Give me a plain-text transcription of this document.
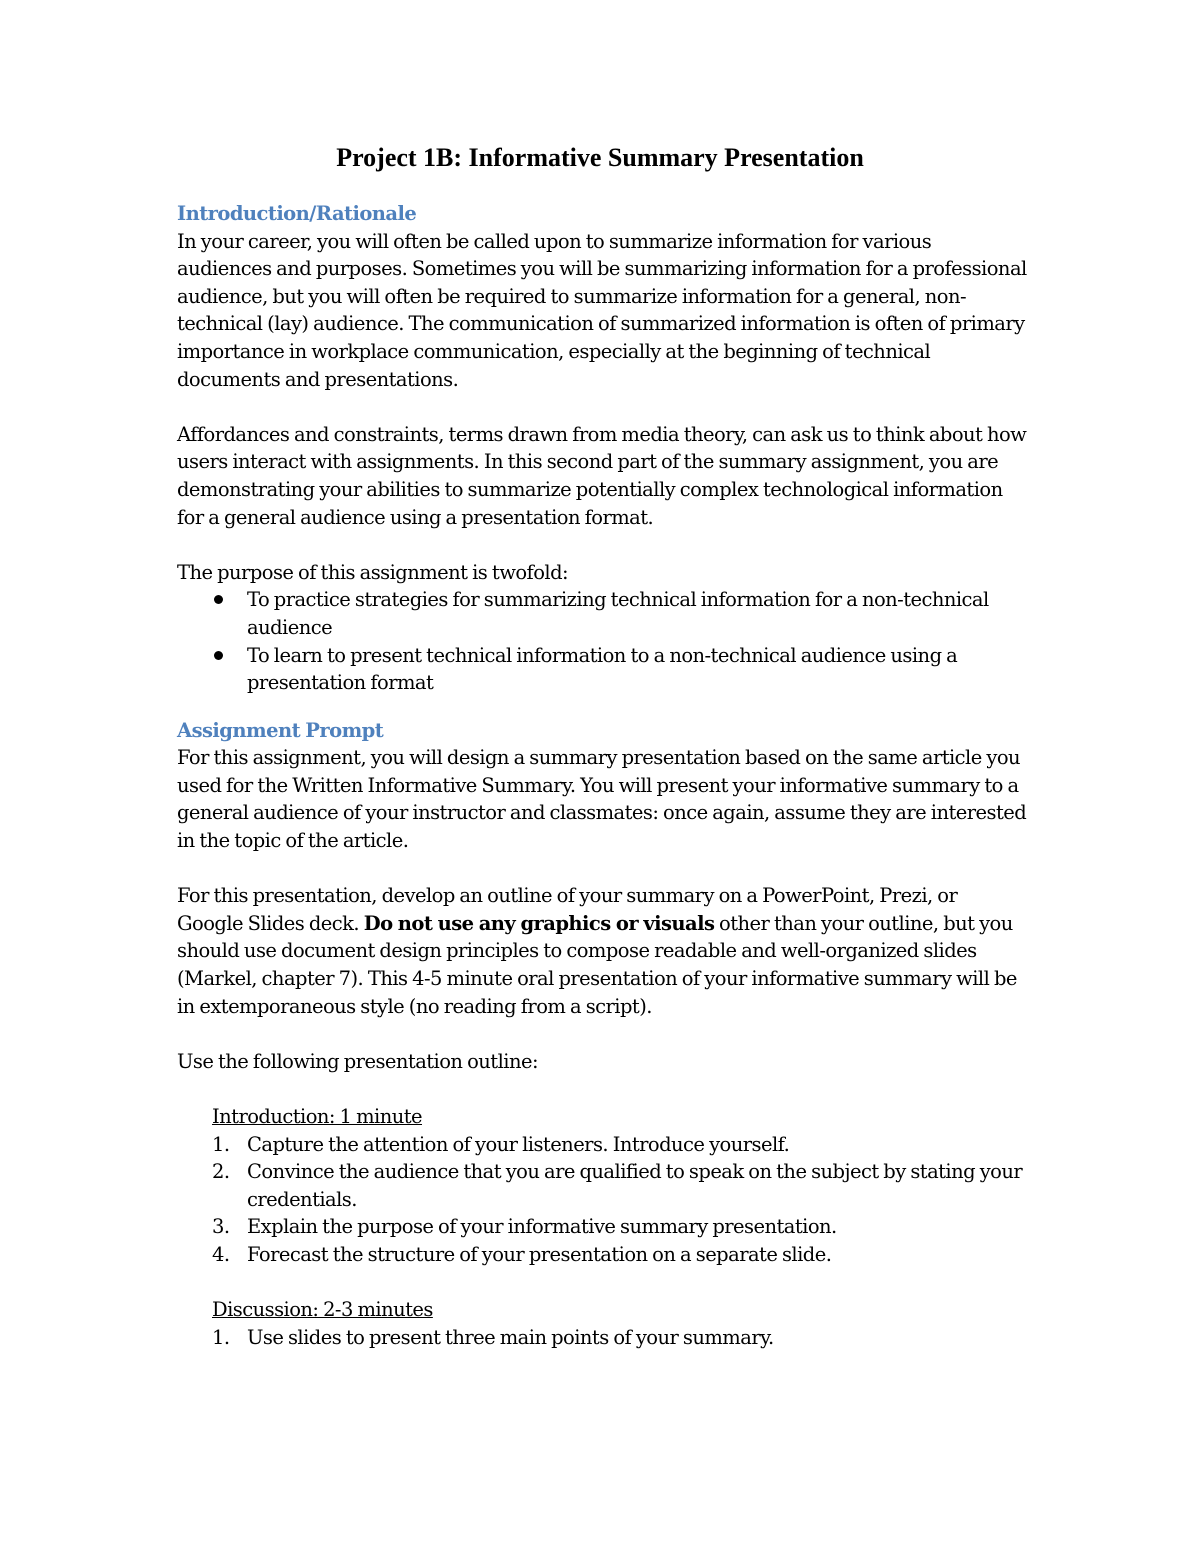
Project 1B: Informative Summary Presentation

Introduction/Rationale

In your career, you will often be called upon to summarize information for various audiences and purposes. Sometimes you will be summarizing information for a professional audience, but you will often be required to summarize information for a general, non-technical (lay) audience. The communication of summarized information is often of primary importance in workplace communication, especially at the beginning of technical documents and presentations.

Affordances and constraints, terms drawn from media theory, can ask us to think about how users interact with assignments. In this second part of the summary assignment, you are demonstrating your abilities to summarize potentially complex technological information for a general audience using a presentation format.

The purpose of this assignment is twofold:

To practice strategies for summarizing technical information for a non-technical audience
To learn to present technical information to a non-technical audience using a presentation format

Assignment Prompt

For this assignment, you will design a summary presentation based on the same article you used for the Written Informative Summary. You will present your informative summary to a general audience of your instructor and classmates: once again, assume they are interested in the topic of the article.

For this presentation, develop an outline of your summary on a PowerPoint, Prezi, or Google Slides deck. Do not use any graphics or visuals other than your outline, but you should use document design principles to compose readable and well-organized slides (Markel, chapter 7). This 4-5 minute oral presentation of your informative summary will be in extemporaneous style (no reading from a script).

Use the following presentation outline:

Introduction: 1 minute

1. Capture the attention of your listeners. Introduce yourself.
2. Convince the audience that you are qualified to speak on the subject by stating your credentials.
3. Explain the purpose of your informative summary presentation.
4. Forecast the structure of your presentation on a separate slide.

Discussion: 2-3 minutes

1. Use slides to present three main points of your summary.
